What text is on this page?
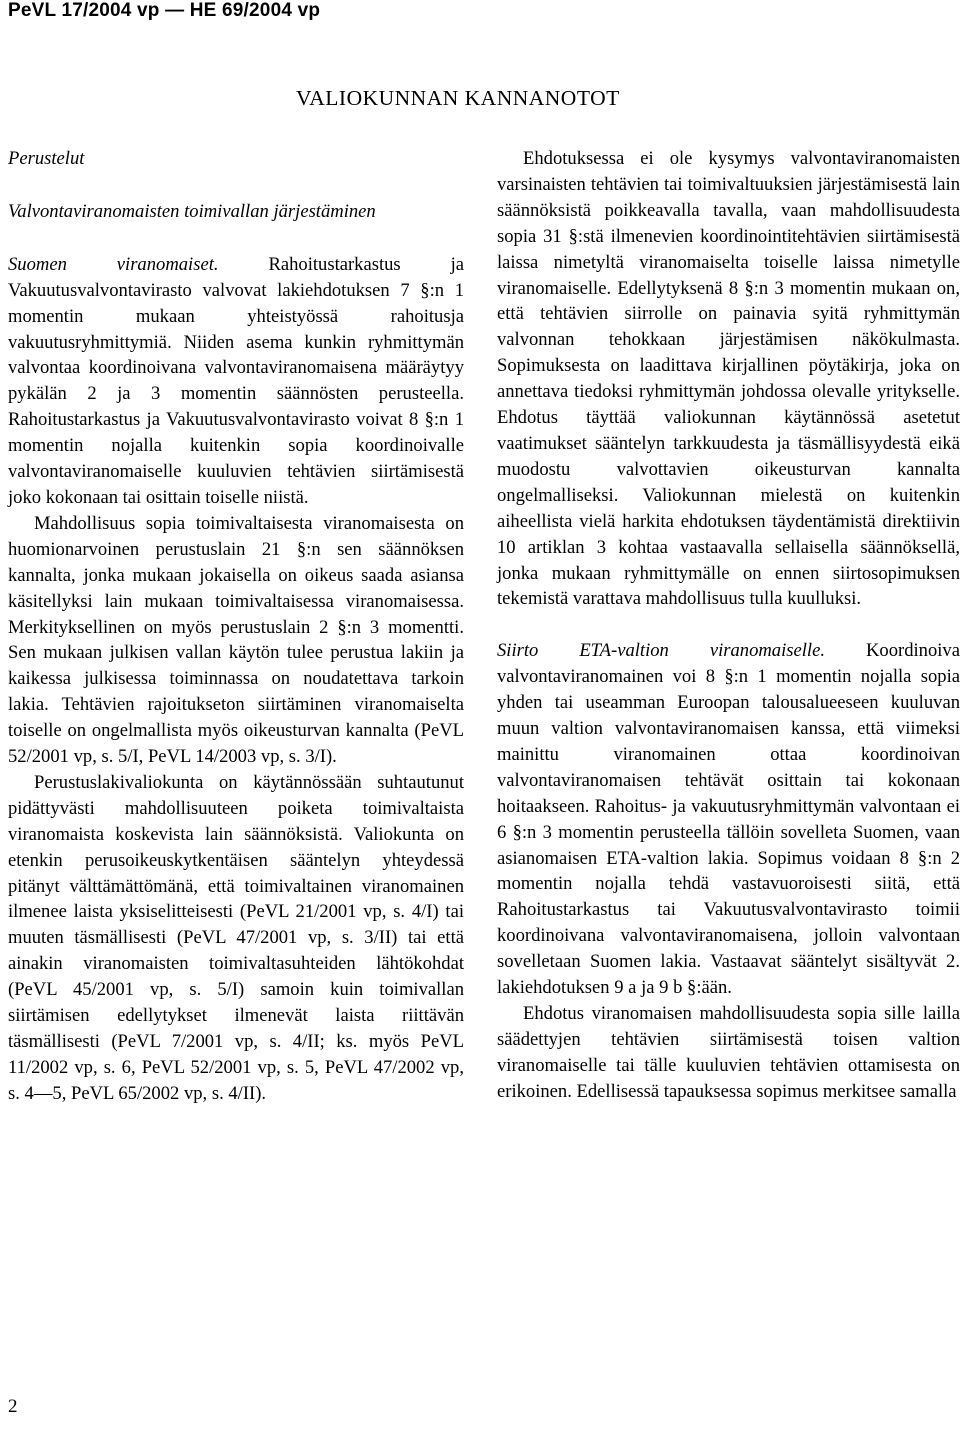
PeVL 17/2004 vp — HE 69/2004 vp
VALIOKUNNAN KANNANOTOT

Perustelut

Valvontaviranomaisten toimivallan järjestäminen

Suomen viranomaiset.	Rahoitustarkastus ja Vakuutusvalvontavirasto valvovat lakiehdotuksen 7 §:n 1 momentin mukaan yhteistyössä rahoitusja vakuutusryhmittymiä. Niiden asema kunkin ryhmittymän valvontaa koordinoivana valvontaviranomaisena määräytyy pykälän 2 ja 3 momentin säännösten perusteella. Rahoitustarkastus ja Vakuutusvalvontavirasto voivat 8 §:n 1 momentin nojalla kuitenkin sopia koordinoivalle valvontaviranomaiselle kuuluvien tehtävien siirtämisestä joko kokonaan tai osittain toiselle niistä.

Mahdollisuus sopia toimivaltaisesta viranomaisesta on huomionarvoinen perustuslain 21 §:n sen säännöksen kannalta, jonka mukaan jokaisella on oikeus saada asiansa käsitellyksi lain mukaan toimivaltaisessa viranomaisessa. Merkityksellinen on myös perustuslain 2 §:n 3 momentti. Sen mukaan julkisen vallan käytön tulee perustua lakiin ja kaikessa julkisessa toiminnassa on noudatettava tarkoin lakia. Tehtävien rajoitukseton siirtäminen viranomaiselta toiselle on ongelmallista myös oikeusturvan kannalta (PeVL 52/2001 vp, s. 5/I, PeVL 14/2003 vp, s. 3/I).

Perustuslakivaliokunta on käytännössään suhtautunut pidättyvästi mahdollisuuteen poiketa toimivaltaista viranomaista koskevista lain säännöksistä. Valiokunta on etenkin perusoikeuskytkentäisen sääntelyn yhteydessä pitänyt välttämättömänä, että toimivaltainen viranomainen ilmenee laista yksiselitteisesti (PeVL 21/2001 vp, s. 4/I) tai muuten täsmällisesti (PeVL 47/2001 vp, s. 3/II) tai että ainakin viranomaisten toimivaltasuhteiden lähtökohdat (PeVL 45/2001 vp, s. 5/I) samoin kuin toimivallan siirtämisen edellytykset ilmenevät laista riittävän täsmällisesti (PeVL 7/2001 vp, s. 4/II; ks. myös PeVL 11/2002 vp, s. 6, PeVL 52/2001 vp, s. 5, PeVL 47/2002 vp, s. 4—5, PeVL 65/2002 vp, s. 4/II).

Ehdotuksessa ei ole kysymys valvontaviranomaisten varsinaisten tehtävien tai toimivaltuuksien järjestämisestä lain säännöksistä poikkeavalla tavalla, vaan mahdollisuudesta sopia 31 §:stä ilmenevien koordinointitehtävien siirtämisestä laissa nimetyltä viranomaiselta toiselle laissa nimetylle viranomaiselle. Edellytyksenä 8 §:n 3 momentin mukaan on, että tehtävien siirrolle on painavia syitä ryhmittymän valvonnan tehokkaan järjestämisen näkökulmasta. Sopimuksesta on laadittava kirjallinen pöytäkirja, joka on annettava tiedoksi ryhmittymän johdossa olevalle yritykselle. Ehdotus täyttää valiokunnan käytännössä asetetut vaatimukset sääntelyn tarkkuudesta ja täsmällisyydestä eikä muodostu valvottavien oikeusturvan kannalta ongelmalliseksi. Valiokunnan mielestä on kuitenkin aiheellista vielä harkita ehdotuksen täydentämistä direktiivin 10 artiklan 3 kohtaa vastaavalla sellaisella säännöksellä, jonka mukaan ryhmittymälle on ennen siirtosopimuksen tekemistä varattava mahdollisuus tulla kuulluksi.

Siirto ETA-valtion viranomaiselle. Koordinoiva valvontaviranomainen voi 8 §:n 1 momentin nojalla sopia yhden tai useamman Euroopan talousalueeseen kuuluvan muun valtion valvontaviranomaisen kanssa, että viimeksi mainittu viranomainen ottaa koordinoivan valvontaviranomaisen tehtävät osittain tai kokonaan hoitaakseen. Rahoitus- ja vakuutusryhmittymän valvontaan ei 6 §:n 3 momentin perusteella tällöin sovelleta Suomen, vaan asianomaisen ETA-valtion lakia. Sopimus voidaan 8 §:n 2 momentin nojalla tehdä vastavuoroisesti siitä, että Rahoitustarkastus tai Vakuutusvalvontavirasto toimii koordinoivana valvontaviranomaisena, jolloin valvontaan sovelletaan Suomen lakia. Vastaavat sääntelyt sisältyvät 2. lakiehdotuksen 9 a ja 9 b §:ään.

Ehdotus viranomaisen mahdollisuudesta sopia sille lailla säädettyjen tehtävien siirtämisestä toisen valtion viranomaiselle tai tälle kuuluvien tehtävien ottamisesta on erikoinen. Edellisessä tapauksessa sopimus merkitsee samalla

2
